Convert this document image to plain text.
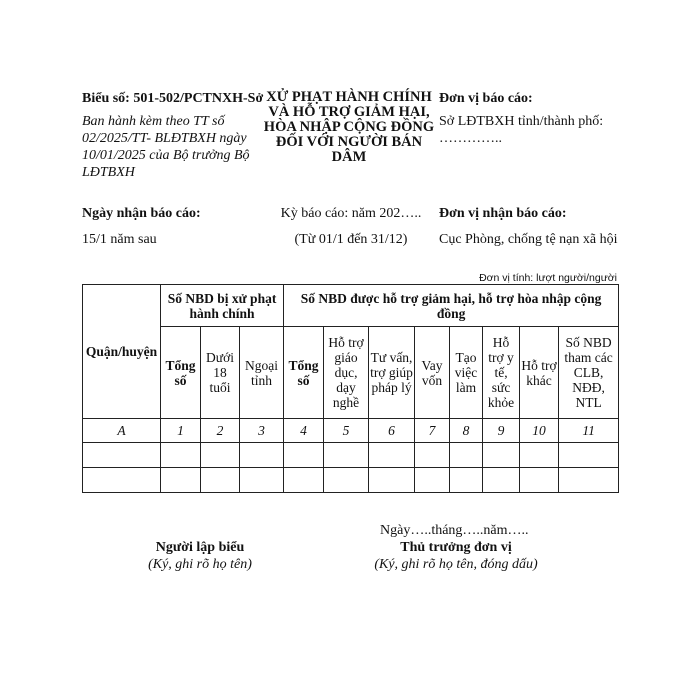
Biểu số: 501-502/PCTNXH-Sở
Ban hành kèm theo TT số 02/2025/TT- BLĐTBXH ngày 10/01/2025 của Bộ trưởng Bộ LĐTBXH
XỬ PHẠT HÀNH CHÍNH VÀ HỖ TRỢ GIẢM HẠI, HÒA NHẬP CỘNG ĐỒNG ĐỐI VỚI NGƯỜI BÁN DÂM
Đơn vị báo cáo:
Sở LĐTBXH tỉnh/thành phố: …………..
Ngày nhận báo cáo:
15/1 năm sau
Kỳ báo cáo: năm 202…..
(Từ 01/1 đến 31/12)
Đơn vị nhận báo cáo:
Cục Phòng, chống tệ nạn xã hội
Đơn vị tính: lượt người/người
Quận/huyện	Số NBD bị xử phạt hành chính			Số NBD được hỗ trợ giảm hại, hỗ trợ hòa nhập cộng đồng							
	Tổng số	Dưới 18 tuổi	Ngoại tỉnh	Tổng số	Hỗ trợ giáo dục, dạy nghề	Tư vấn, trợ giúp pháp lý	Vay vốn	Tạo việc làm	Hỗ trợ y tế, sức khỏe	Hỗ trợ khác	Số NBD tham các CLB, NĐĐ, NTL
A	1	2	3	4	5	6	7	8	9	10	11

Ngày…..tháng…..năm…..
Người lập biểu
(Ký, ghi rõ họ tên)
Thủ trưởng đơn vị
(Ký, ghi rõ họ tên, đóng dấu)
